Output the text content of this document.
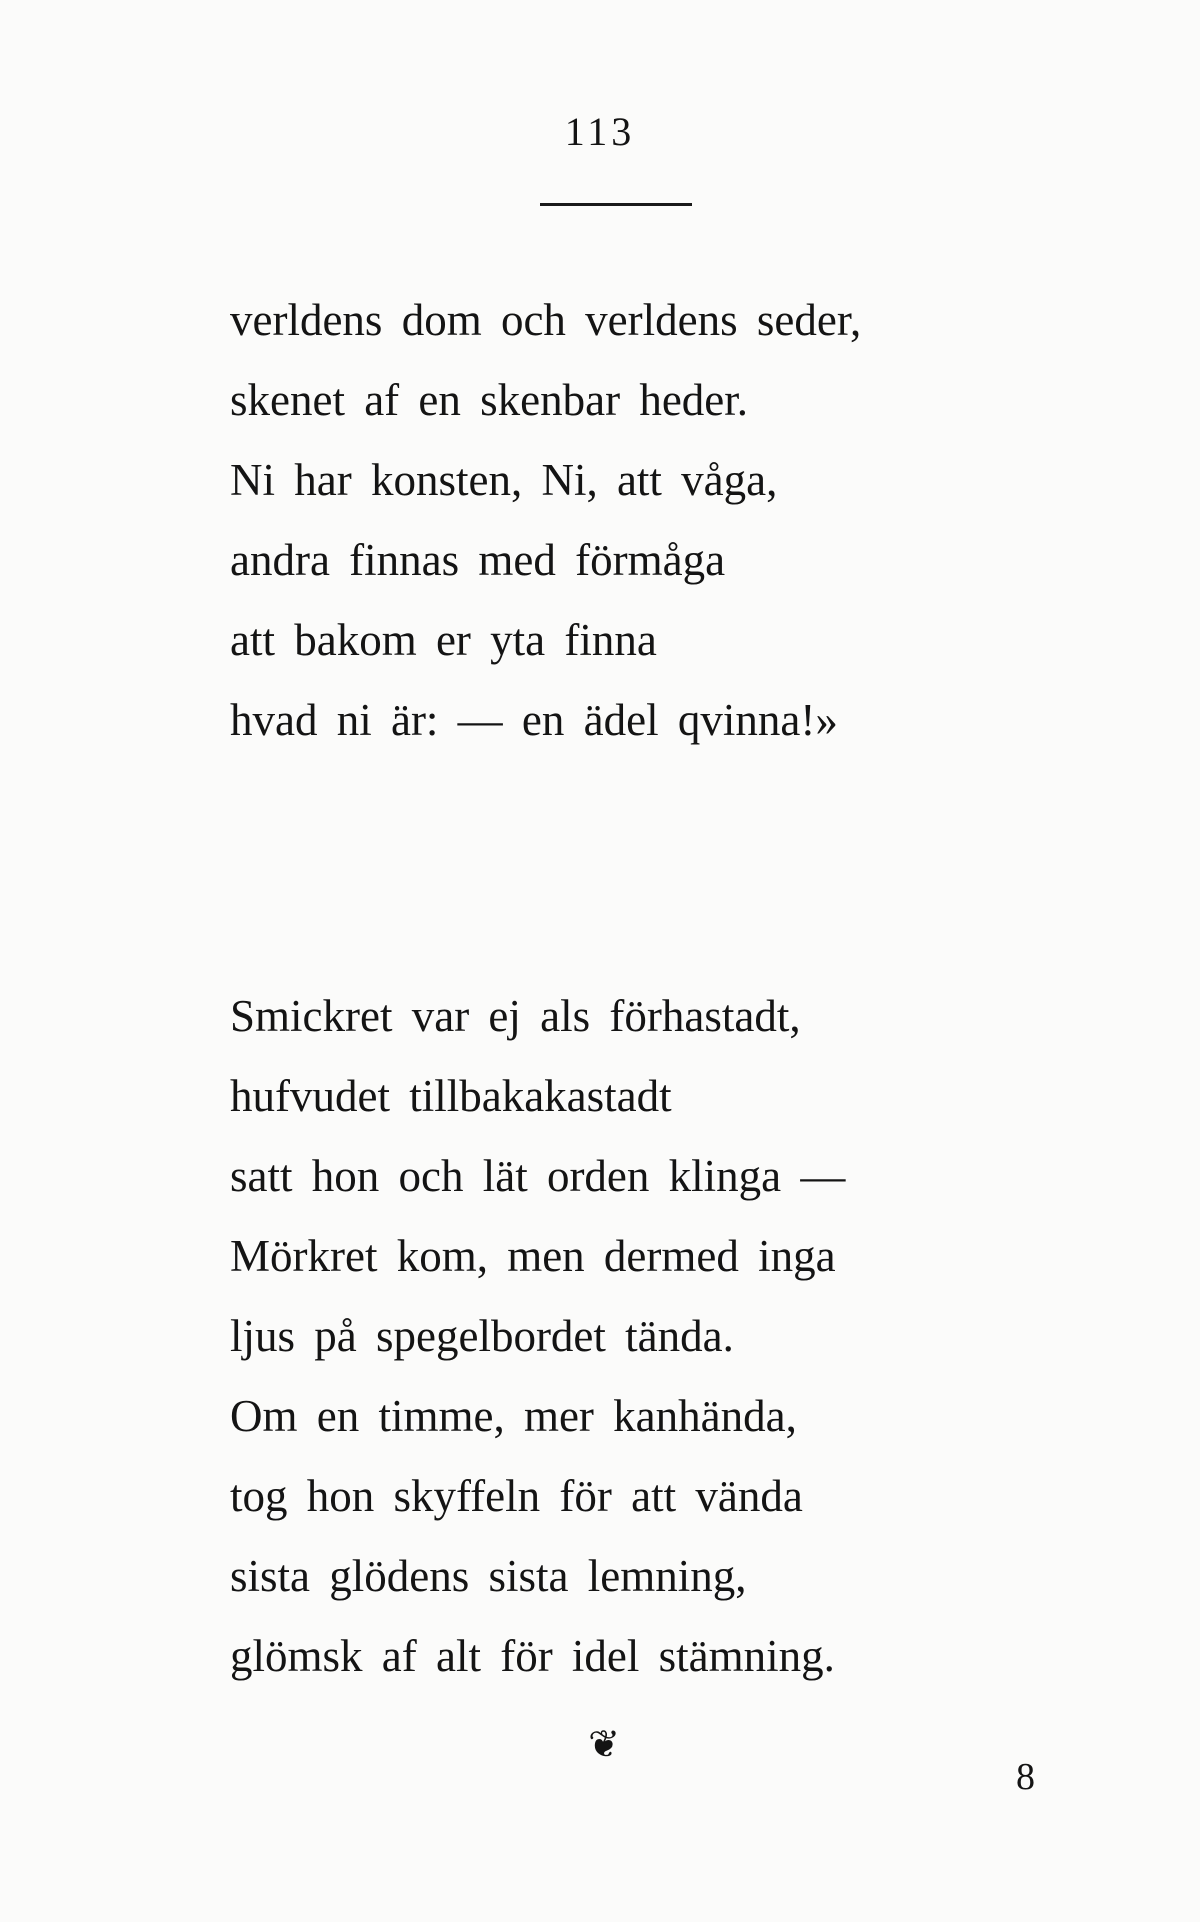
113
verldens dom och verldens seder,
skenet af en skenbar heder.
Ni har konsten, Ni, att våga,
andra finnas med förmåga
att bakom er yta finna
hvad ni är: — en ädel qvinna!»
Smickret var ej als förhastadt,
hufvudet tillbakakastadt
satt hon och lät orden klinga —
Mörkret kom, men dermed inga
ljus på spegelbordet tända.
Om en timme, mer kanhända,
tog hon skyffeln för att vända
sista glödens sista lemning,
glömsk af alt för idel stämning.
❦
8
